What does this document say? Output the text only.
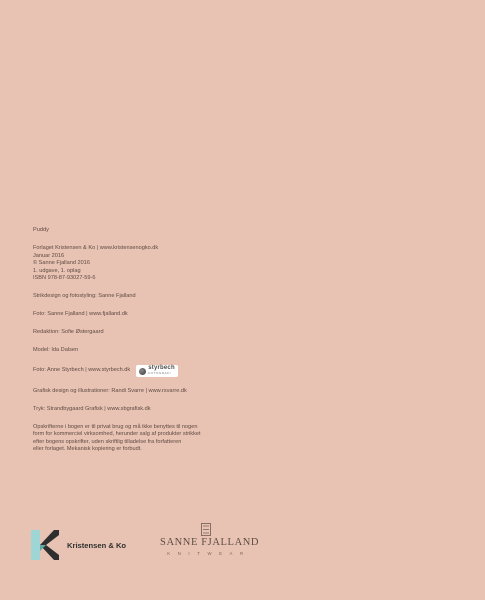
Puddy

Forlaget Kristensen & Ko | www.kristensenogko.dk
Januar 2016
© Sanne Fjalland 2016
1. udgave, 1. oplag
ISBN 978-87-93027-59-6

Strikdesign og fotostyling: Sanne Fjalland

Foto: Sanne Fjalland | www.fjalland.dk

Redaktion: Sofie Østergaard

Model: Ida Dalsen

Foto: Anne Styrbech | www.styrbech.dk	styrbech
FOTOGRAFI

Grafisk design og illustrationer: Randi Svarre | www.rsvarre.dk

Tryk: Strandbygaard Grafisk | www.sbgrafisk.dk

Opskrifterne i bogen er til privat brug og må ikke benyttes til nogen
form for kommerciel virksomhed, herunder salg af produkter strikket
efter bogens opskrifter, uden skriftlig tilladelse fra forfatteren
eller forlaget. Mekanisk kopiering er forbudt.

Kristensen & Ko	SANNE FJALLAND
KNITWEAR
